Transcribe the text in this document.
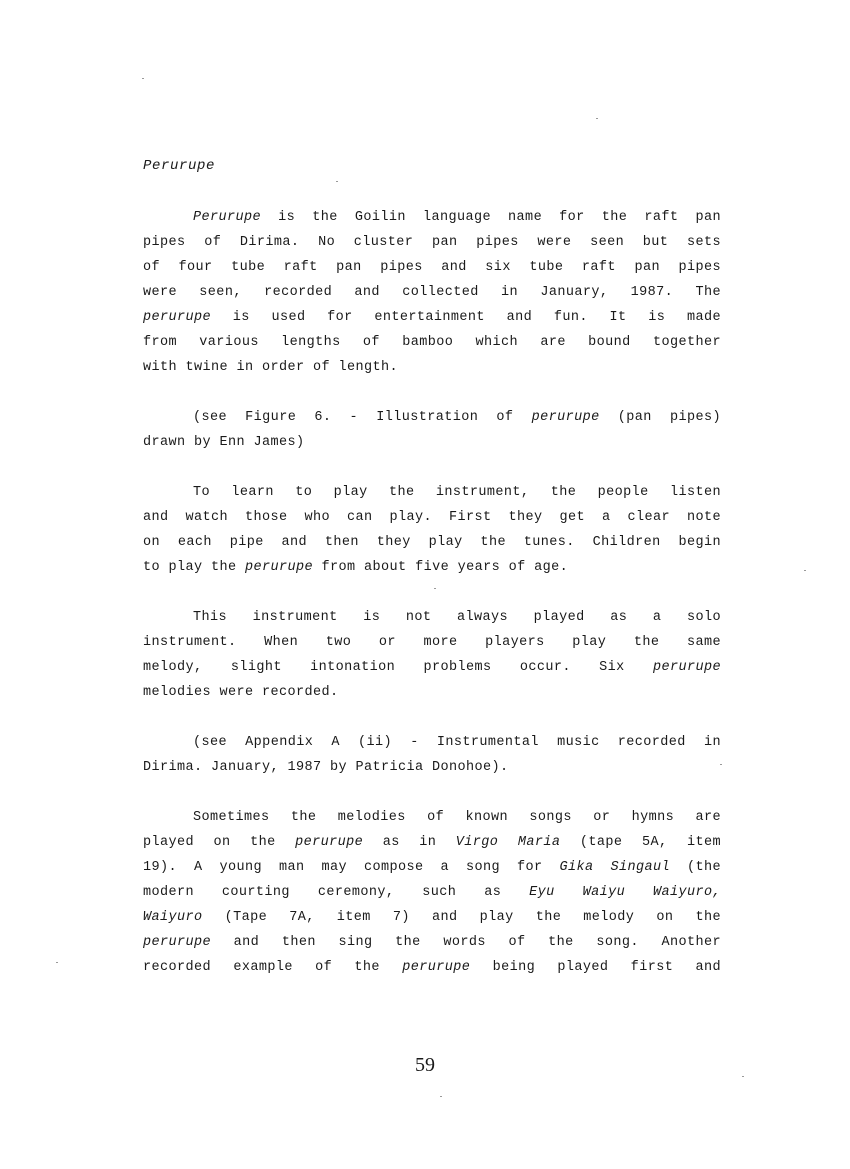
Perurupe
Perurupe is the Goilin language name for the raft pan
pipes of Dirima. No cluster pan pipes were seen but sets
of four tube raft pan pipes and six tube raft pan pipes
were seen, recorded and collected in January, 1987. The
perurupe is used for entertainment and fun. It is made
from various lengths of bamboo which are bound together
with twine in order of length.
(see Figure 6. - Illustration of perurupe (pan pipes)
drawn by Enn James)
To learn to play the instrument, the people listen
and watch those who can play. First they get a clear note
on each pipe and then they play the tunes. Children begin
to play the perurupe from about five years of age.
This instrument is not always played as a solo
instrument. When two or more players play the same
melody, slight intonation problems occur. Six perurupe
melodies were recorded.
(see Appendix A (ii) - Instrumental music recorded in
Dirima. January, 1987 by Patricia Donohoe).
Sometimes the melodies of known songs or hymns are
played on the perurupe as in Virgo Maria (tape 5A, item
19). A young man may compose a song for Gika Singaul (the
modern courting ceremony, such as Eyu Waiyu Waiyuro,
Waiyuro (Tape 7A, item 7) and play the melody on the
perurupe and then sing the words of the song. Another
recorded example of the perurupe being played first and
59
